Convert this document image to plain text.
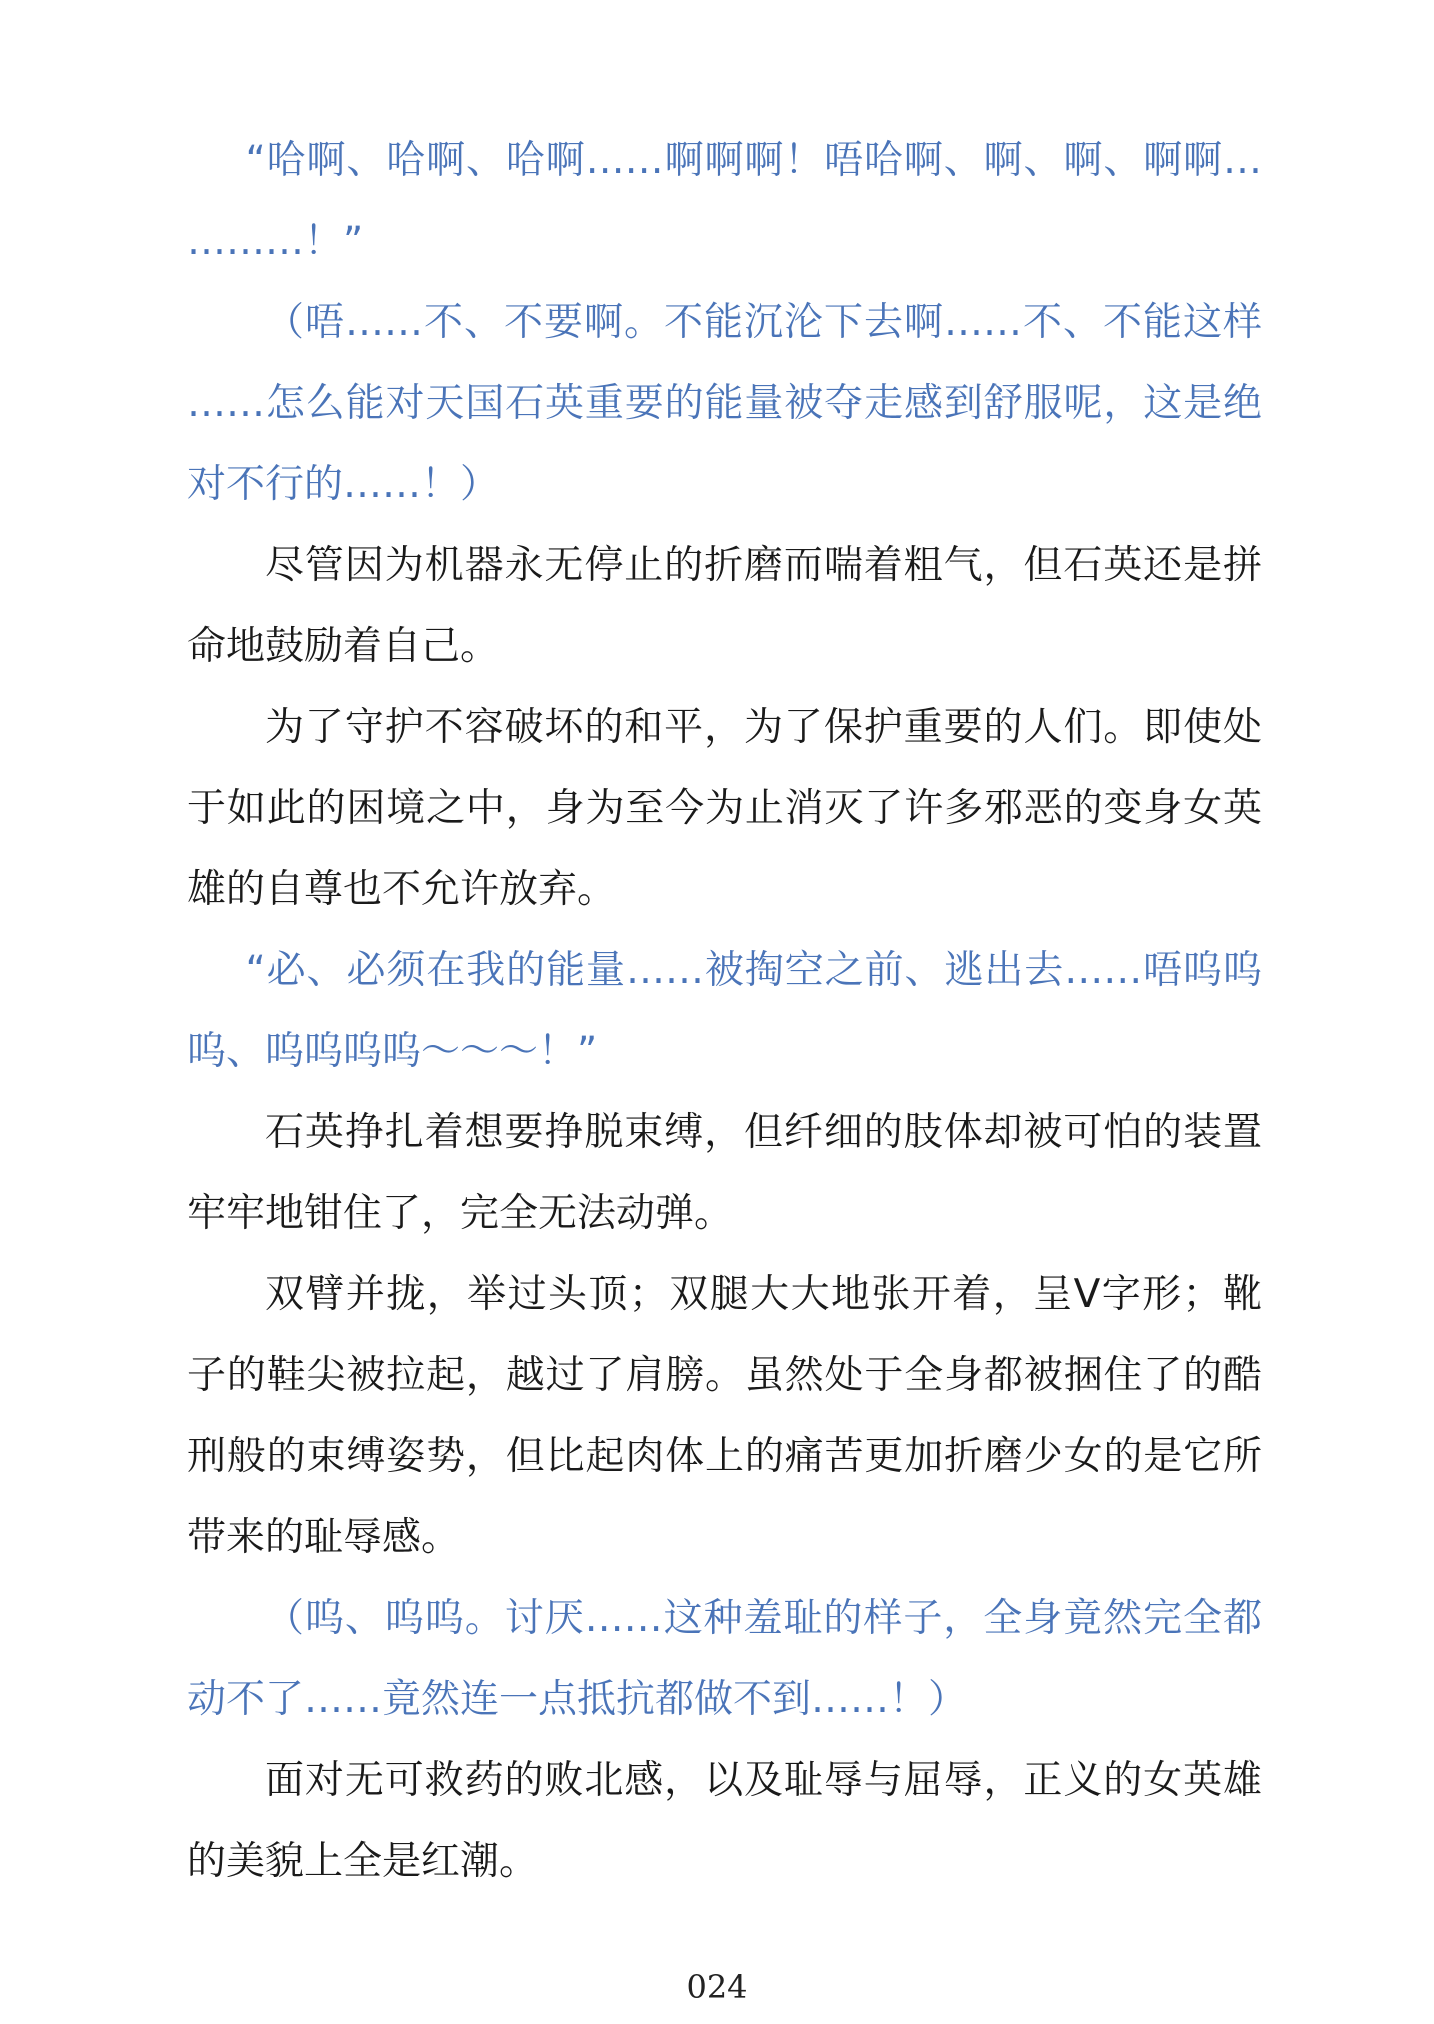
“哈啊、哈啊、哈啊……啊啊啊！唔哈啊、啊、啊、啊啊…………！”

（唔……不、不要啊。不能沉沦下去啊……不、不能这样……怎么能对天国石英重要的能量被夺走感到舒服呢，这是绝对不行的……！）

尽管因为机器永无停止的折磨而喘着粗气，但石英还是拼命地鼓励着自己。

为了守护不容破坏的和平，为了保护重要的人们。即使处于如此的困境之中，身为至今为止消灭了许多邪恶的变身女英雄的自尊也不允许放弃。

“必、必须在我的能量……被掏空之前、逃出去……唔呜呜呜、呜呜呜呜～～～！”

石英挣扎着想要挣脱束缚，但纤细的肢体却被可怕的装置牢牢地钳住了，完全无法动弹。

双臂并拢，举过头顶；双腿大大地张开着，呈Ⅴ字形；靴子的鞋尖被拉起，越过了肩膀。虽然处于全身都被捆住了的酷刑般的束缚姿势，但比起肉体上的痛苦更加折磨少女的是它所带来的耻辱感。

（呜、呜呜。讨厌……这种羞耻的样子，全身竟然完全都动不了……竟然连一点抵抗都做不到……！）

面对无可救药的败北感，以及耻辱与屈辱，正义的女英雄的美貌上全是红潮。

024
